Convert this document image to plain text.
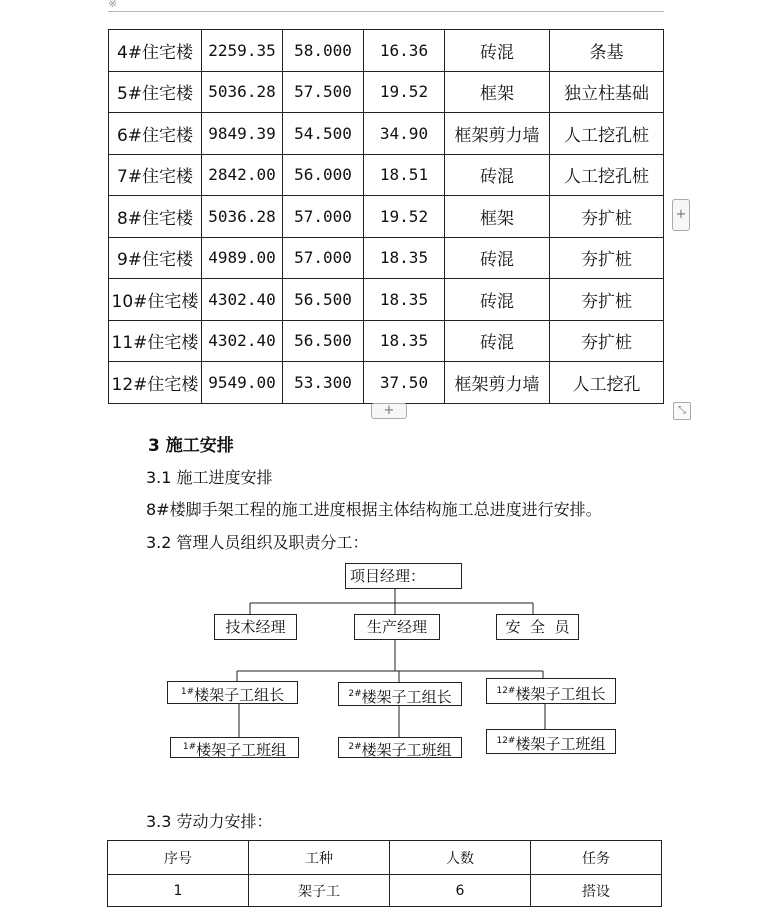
※
4#住宅楼	2259.35	58.000	16.36	砖混	条基
5#住宅楼	5036.28	57.500	19.52	框架	独立柱基础
6#住宅楼	9849.39	54.500	34.90	框架剪力墙	人工挖孔桩
7#住宅楼	2842.00	56.000	18.51	砖混	人工挖孔桩
8#住宅楼	5036.28	57.000	19.52	框架	夯扩桩
9#住宅楼	4989.00	57.000	18.35	砖混	夯扩桩
10#住宅楼	4302.40	56.500	18.35	砖混	夯扩桩
11#住宅楼	4302.40	56.500	18.35	砖混	夯扩桩
12#住宅楼	9549.00	53.300	37.50	框架剪力墙	人工挖孔
+
+	⤡
3 施工安排
3.1 施工进度安排
8#楼脚手架工程的施工进度根据主体结构施工总进度进行安排。
3.2 管理人员组织及职责分工：
项目经理：
技术经理	生产经理	安  全  员
$^{1\#}$楼架子工组长	$^{2\#}$楼架子工组长	$^{12\#}$楼架子工组长
$^{1\#}$楼架子工班组	$^{2\#}$楼架子工班组	$^{12\#}$楼架子工班组
3.3 劳动力安排：
序号	工种	人数	任务
1	架子工	6	搭设
